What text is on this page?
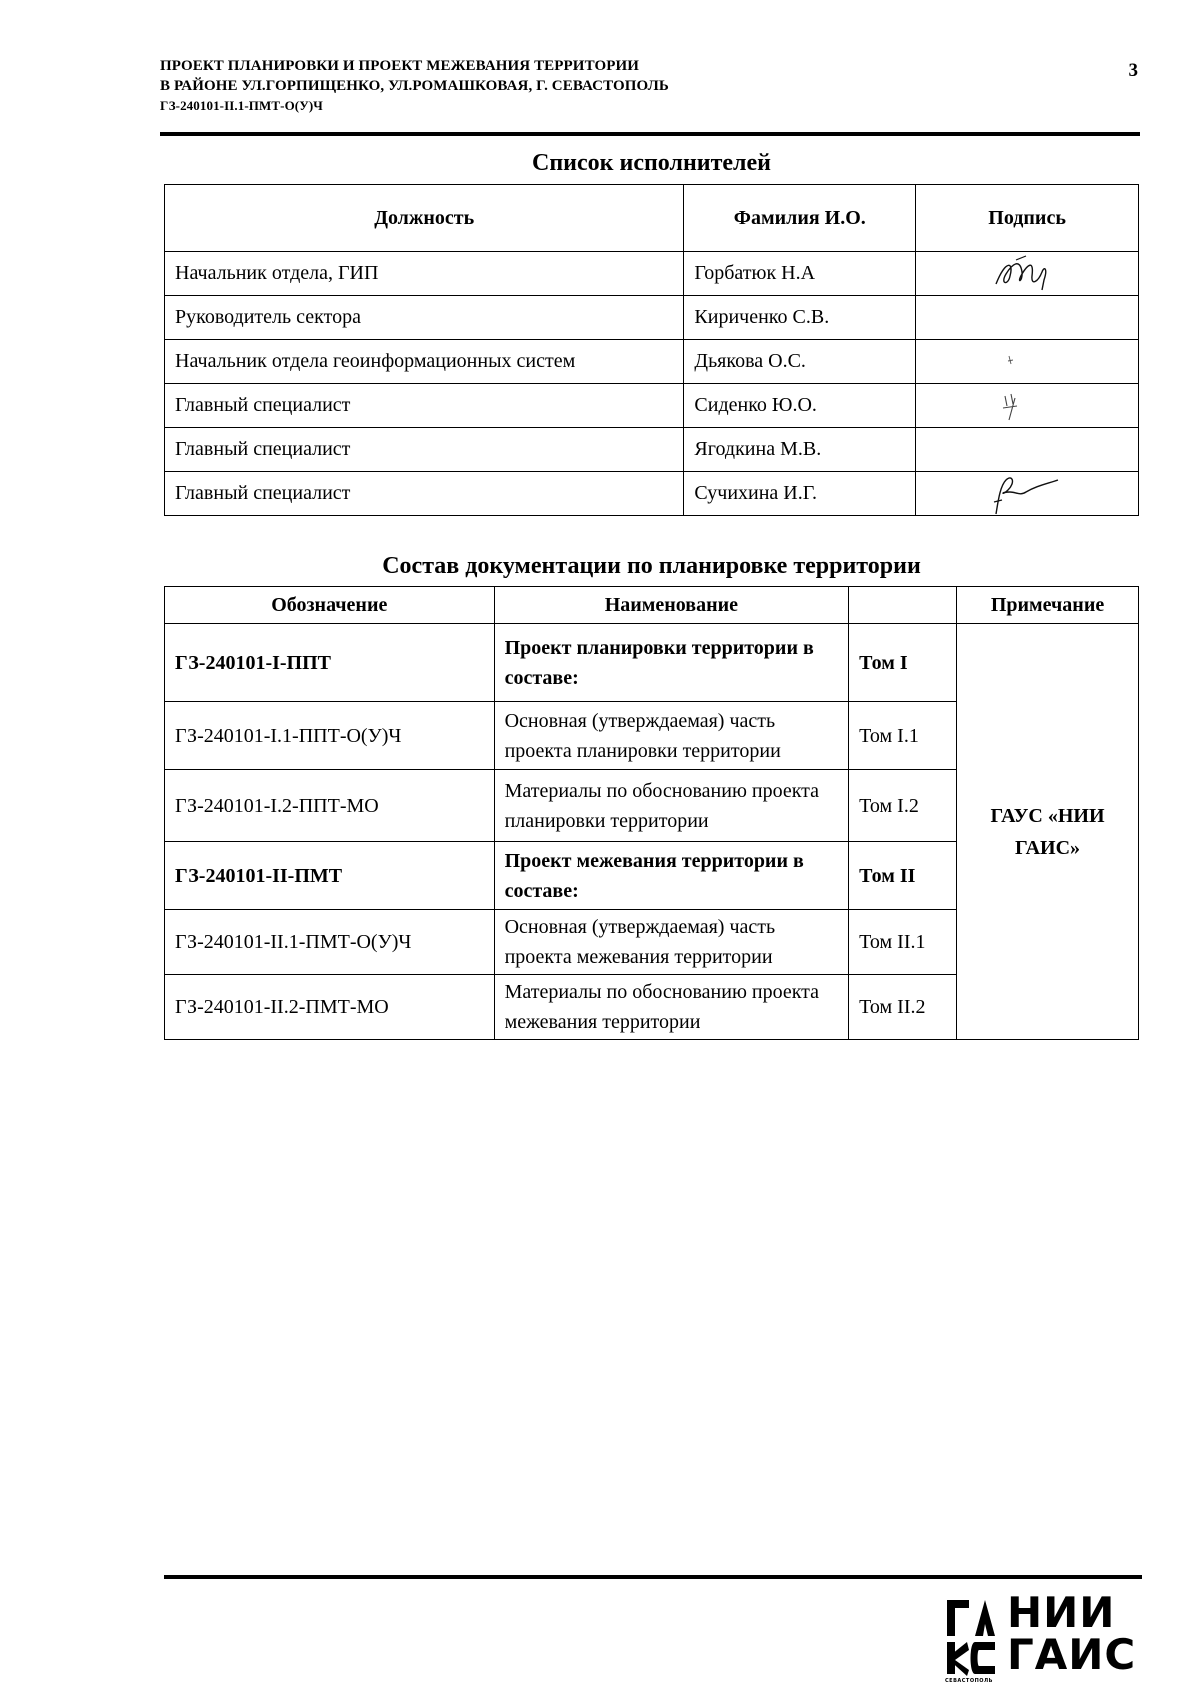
ПРОЕКТ ПЛАНИРОВКИ И ПРОЕКТ МЕЖЕВАНИЯ ТЕРРИТОРИИ
В РАЙОНЕ УЛ.ГОРПИЩЕНКО, УЛ.РОМАШКОВАЯ, Г. СЕВАСТОПОЛЬ
ГЗ-240101-II.1-ПМТ-О(У)Ч
3
Список исполнителей
Должность	Фамилия И.О.	Подпись
Начальник отдела, ГИП	Горбатюк Н.А	

Руководитель сектора	Кириченко С.В.	
Начальник отдела геоинформационных систем	Дьякова О.С.	

Главный специалист	Сиденко Ю.О.	

Главный специалист	Ягодкина М.В.	
Главный специалист	Сучихина И.Г.	
Состав документации по планировке территории
Обозначение	Наименование		Примечание
ГЗ-240101-I-ППТ	Проект планировки территории в составе:	Том I	ГАУС «НИИ ГАИС»
ГЗ-240101-I.1-ППТ-О(У)Ч	Основная (утверждаемая) часть проекта планировки территории	Том I.1	
ГЗ-240101-I.2-ППТ-МО	Материалы по обоснованию проекта планировки территории	Том I.2	
ГЗ-240101-II-ПМТ	Проект межевания территории в составе:	Том II	
ГЗ-240101-II.1-ПМТ-О(У)Ч	Основная (утверждаемая) часть проекта межевания территории	Том II.1	
ГЗ-240101-II.2-ПМТ-МО	Материалы по обоснованию проекта межевания территории	Том II.2	
НИИ
ГАИС
СЕВАСТОПОЛЬ
